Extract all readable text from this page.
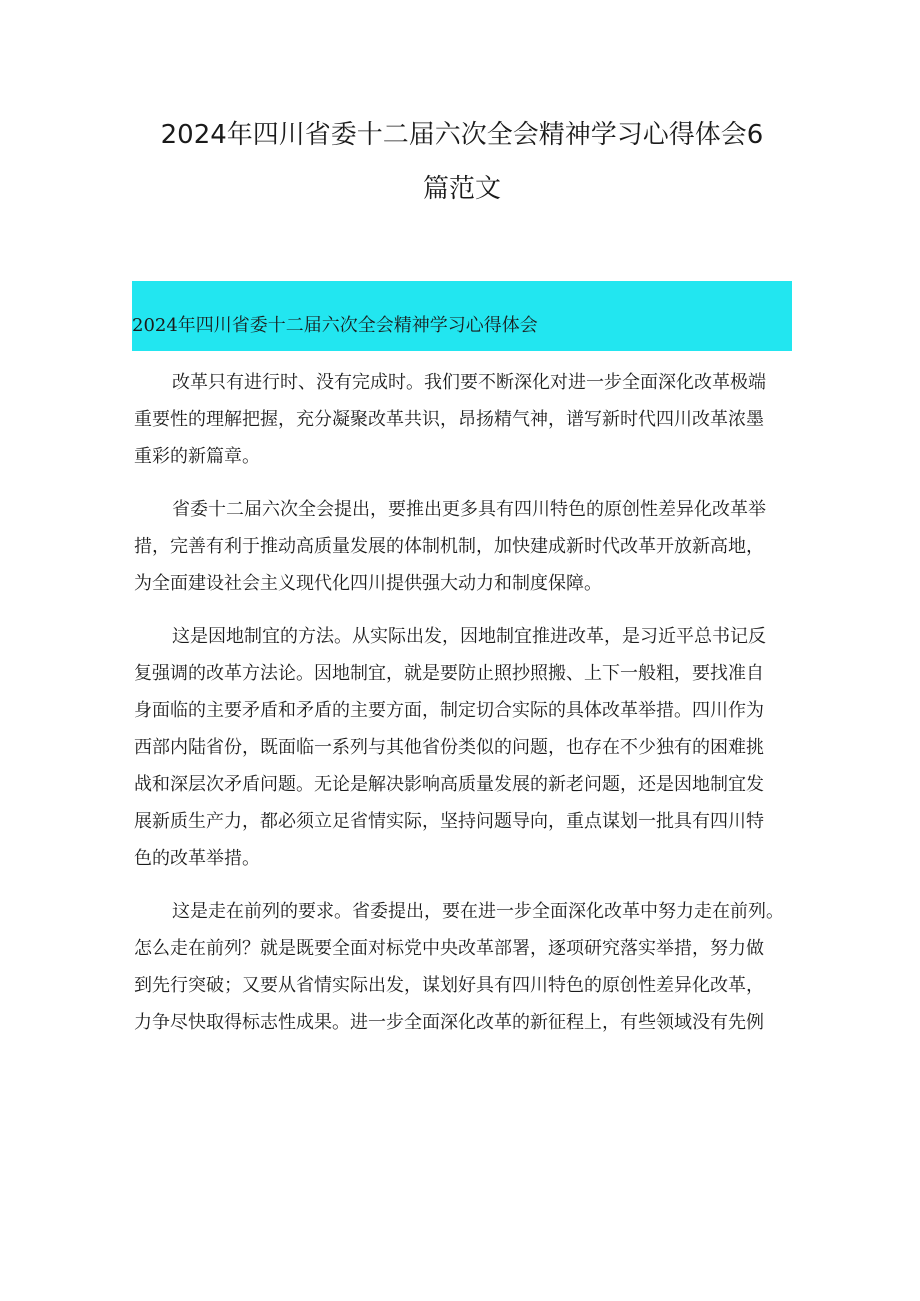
2024年四川省委十二届六次全会精神学习心得体会6
篇范文
2024年四川省委十二届六次全会精神学习心得体会

改革只有进行时、没有完成时。我们要不断深化对进一步全面深化改革极端
重要性的理解把握，充分凝聚改革共识，昂扬精气神，谱写新时代四川改革浓墨
重彩的新篇章。

省委十二届六次全会提出，要推出更多具有四川特色的原创性差异化改革举
措，完善有利于推动高质量发展的体制机制，加快建成新时代改革开放新高地，
为全面建设社会主义现代化四川提供强大动力和制度保障。

这是因地制宜的方法。从实际出发，因地制宜推进改革，是习近平总书记反
复强调的改革方法论。因地制宜，就是要防止照抄照搬、上下一般粗，要找准自
身面临的主要矛盾和矛盾的主要方面，制定切合实际的具体改革举措。四川作为
西部内陆省份，既面临一系列与其他省份类似的问题，也存在不少独有的困难挑
战和深层次矛盾问题。无论是解决影响高质量发展的新老问题，还是因地制宜发
展新质生产力，都必须立足省情实际，坚持问题导向，重点谋划一批具有四川特
色的改革举措。

这是走在前列的要求。省委提出，要在进一步全面深化改革中努力走在前列。
怎么走在前列？就是既要全面对标党中央改革部署，逐项研究落实举措，努力做
到先行突破；又要从省情实际出发，谋划好具有四川特色的原创性差异化改革，
力争尽快取得标志性成果。进一步全面深化改革的新征程上，有些领域没有先例
